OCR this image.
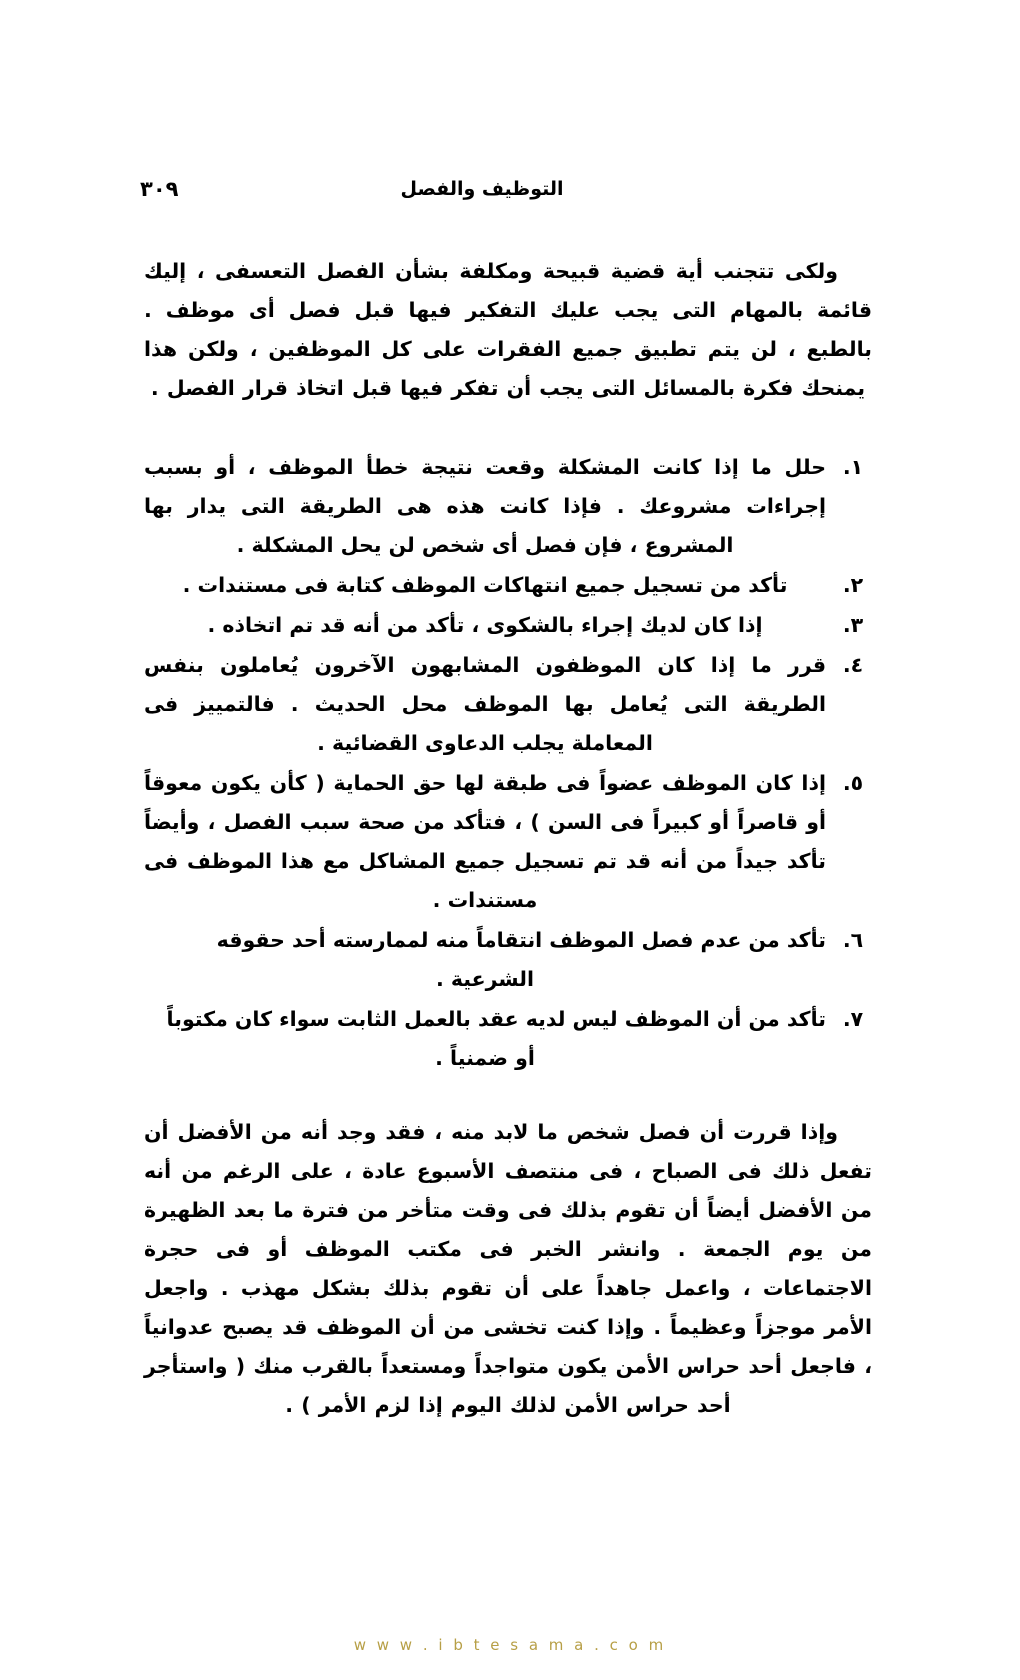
٣٠٩	التوظيف والفصل

ولكى تتجنب أية قضية قبيحة ومكلفة بشأن الفصل التعسفى ، إليك قائمة بالمهام التى يجب عليك التفكير فيها قبل فصل أى موظف . بالطبع ، لن يتم تطبيق جميع الفقرات على كل الموظفين ، ولكن هذا يمنحك فكرة بالمسائل التى يجب أن تفكر فيها قبل اتخاذ قرار الفصل .

١.
حلل ما إذا كانت المشكلة وقعت نتيجة خطأ الموظف ، أو بسبب إجراءات مشروعك . فإذا كانت هذه هى الطريقة التى يدار بها المشروع ، فإن فصل أى شخص لن يحل المشكلة .
٢.
تأكد من تسجيل جميع انتهاكات الموظف كتابة فى مستندات .
٣.
إذا كان لديك إجراء بالشكوى ، تأكد من أنه قد تم اتخاذه .
٤.
قرر ما إذا كان الموظفون المشابهون الآخرون يُعاملون بنفس الطريقة التى يُعامل بها الموظف محل الحديث . فالتمييز فى المعاملة يجلب الدعاوى القضائية .
٥.
إذا كان الموظف عضواً فى طبقة لها حق الحماية ( كأن يكون معوقاً أو قاصراً أو كبيراً فى السن ) ، فتأكد من صحة سبب الفصل ، وأيضاً تأكد جيداً من أنه قد تم تسجيل جميع المشاكل مع هذا الموظف فى مستندات .
٦.
تأكد من عدم فصل الموظف انتقاماً منه لممارسته أحد حقوقه الشرعية .
٧.
تأكد من أن الموظف ليس لديه عقد بالعمل الثابت سواء كان مكتوباً أو ضمنياً .

وإذا قررت أن فصل شخص ما لابد منه ، فقد وجد أنه من الأفضل أن تفعل ذلك فى الصباح ، فى منتصف الأسبوع عادة ، على الرغم من أنه من الأفضل أيضاً أن تقوم بذلك فى وقت متأخر من فترة ما بعد الظهيرة من يوم الجمعة . وانشر الخبر فى مكتب الموظف أو فى حجرة الاجتماعات ، واعمل جاهداً على أن تقوم بذلك بشكل مهذب . واجعل الأمر موجزاً وعظيماً . وإذا كنت تخشى من أن الموظف قد يصبح عدوانياً ، فاجعل أحد حراس الأمن يكون متواجداً ومستعداً بالقرب منك ( واستأجر أحد حراس الأمن لذلك اليوم إذا لزم الأمر ) .

w w w . i b t e s a m a . c o m
